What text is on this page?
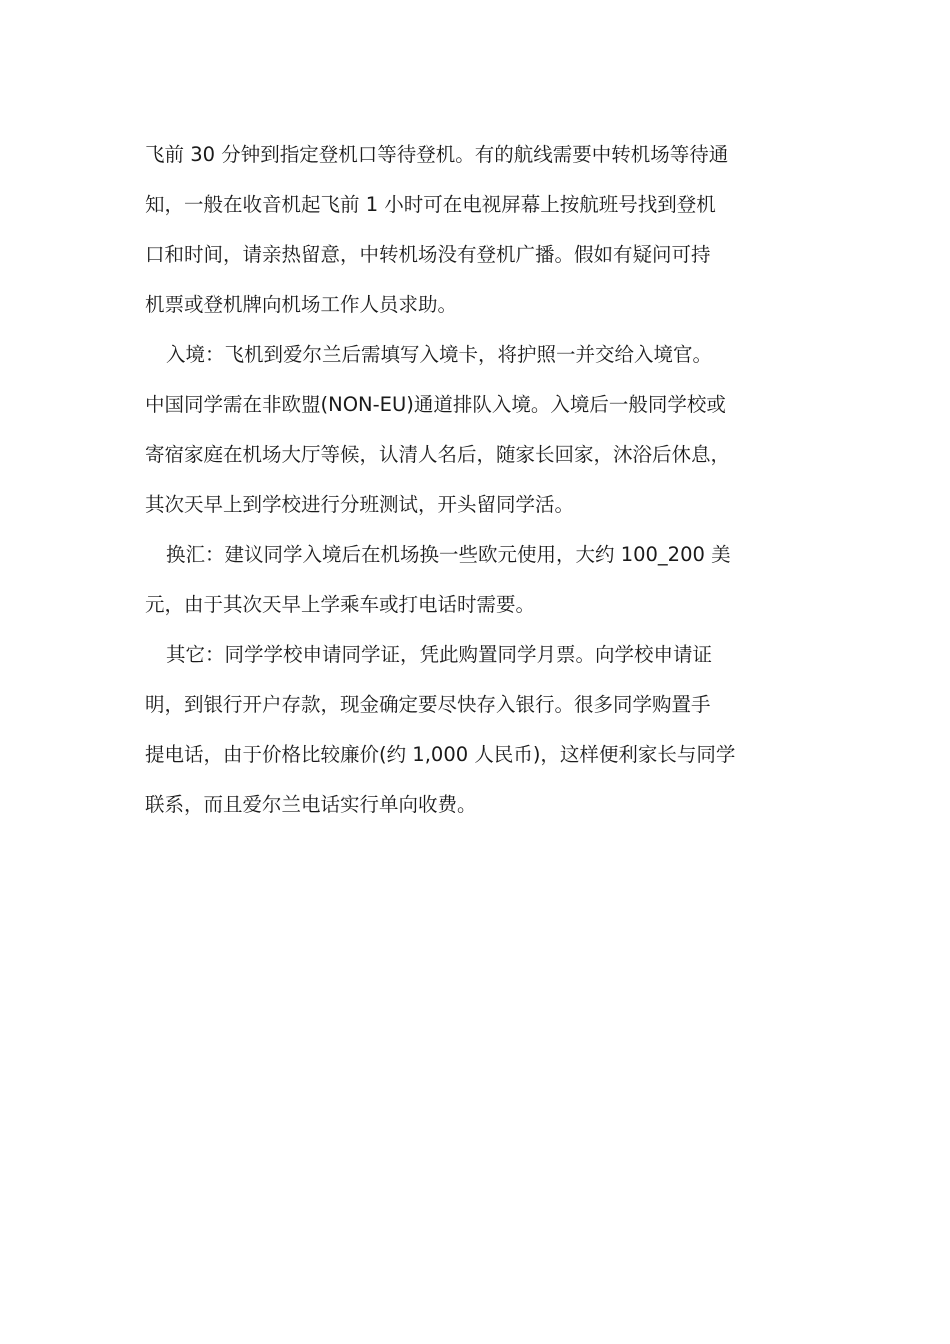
飞前 30 分钟到指定登机口等待登机。有的航线需要中转机场等待通
知，一般在收音机起飞前 1 小时可在电视屏幕上按航班号找到登机
口和时间，请亲热留意，中转机场没有登机广播。假如有疑问可持
机票或登机牌向机场工作人员求助。

入境：飞机到爱尔兰后需填写入境卡，将护照一并交给入境官。
中国同学需在非欧盟(NON-EU)通道排队入境。入境后一般同学校或
寄宿家庭在机场大厅等候，认清人名后，随家长回家，沐浴后休息，
其次天早上到学校进行分班测试，开头留同学活。

换汇：建议同学入境后在机场换一些欧元使用，大约 100_200 美
元，由于其次天早上学乘车或打电话时需要。

其它：同学学校申请同学证，凭此购置同学月票。向学校申请证
明，到银行开户存款，现金确定要尽快存入银行。很多同学购置手
提电话，由于价格比较廉价(约 1,000 人民币)，这样便利家长与同学
联系，而且爱尔兰电话实行单向收费。
